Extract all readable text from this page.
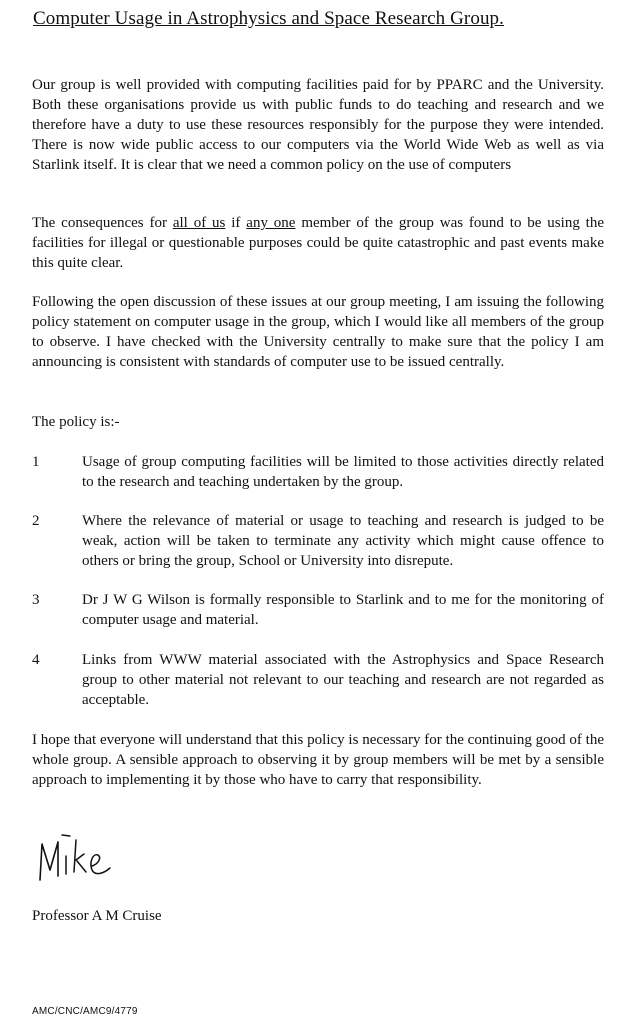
Computer Usage in Astrophysics and Space Research Group.
Our group is well provided with computing facilities paid for by PPARC and the University. Both these organisations provide us with public funds to do teaching and research and we therefore have a duty to use these resources responsibly for the purpose they were intended. There is now wide public access to our computers via the World Wide Web as well as via Starlink itself. It is clear that we need a common policy on the use of computers
The consequences for all of us if any one member of the group was found to be using the facilities for illegal or questionable purposes could be quite catastrophic and past events make this quite clear.
Following the open discussion of these issues at our group meeting, I am issuing the following policy statement on computer usage in the group, which I would like all members of the group to observe. I have checked with the University centrally to make sure that the policy I am announcing is consistent with standards of computer use to be issued centrally.
The policy is:-
1	Usage of group computing facilities will be limited to those activities directly related to the research and teaching undertaken by the group.
2	Where the relevance of material or usage to teaching and research is judged to be weak, action will be taken to terminate any activity which might cause offence to others or bring the group, School or University into disrepute.
3	Dr J W G Wilson is formally responsible to Starlink and to me for the monitoring of computer usage and material.
4	Links from WWW material associated with the Astrophysics and Space Research group to other material not relevant to our teaching and research are not regarded as acceptable.
I hope that everyone will understand that this policy is necessary for the continuing good of the whole group. A sensible approach to observing it by group members will be met by a sensible approach to implementing it by those who have to carry that responsibility.
Professor A M Cruise
AMC/CNC/AMC9/4779
